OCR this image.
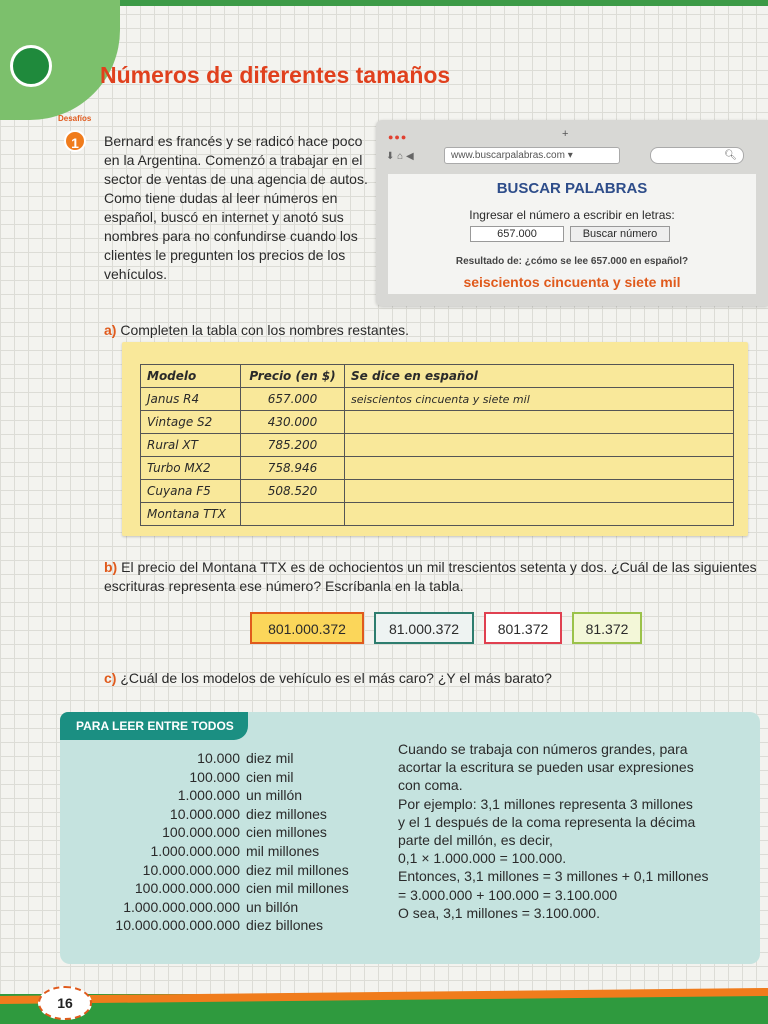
Números de diferentes tamaños
Desafíos
1	Bernard es francés y se radicó hace poco en la Argentina. Comenzó a trabajar en el sector de ventas de una agencia de autos. Como tiene dudas al leer números en español, buscó en internet y anotó sus nombres para no confundirse cuando los clientes le pregunten los precios de los vehículos.

●●●	+
⬇ ⌂ ◀	www.buscarpalabras.com ▾	🔍︎
BUSCAR PALABRAS
Ingresar el número a escribir en letras:
657.000	Buscar número
Resultado de: ¿cómo se lee 657.000 en español?
seiscientos cincuenta y siete mil

a) Completen la tabla con los nombres restantes.

Modelo	Precio (en $)	Se dice en español
Janus R4	657.000	seiscientos cincuenta y siete mil
Vintage S2	430.000	
Rural XT	785.200	
Turbo MX2	758.946	
Cuyana F5	508.520	
Montana TTX		

b) El precio del Montana TTX es de ochocientos un mil trescientos setenta y dos. ¿Cuál de las siguientes escrituras representa ese número? Escríbanla en la tabla.

801.000.372	81.000.372	801.372	81.372

c) ¿Cuál de los modelos de vehículo es el más caro? ¿Y el más barato?

PARA LEER ENTRE TODOS
10.000 diez mil
100.000 cien mil
1.000.000 un millón
10.000.000 diez millones
100.000.000 cien millones
1.000.000.000 mil millones
10.000.000.000 diez mil millones
100.000.000.000 cien mil millones
1.000.000.000.000 un billón
10.000.000.000.000 diez billones
Cuando se trabaja con números grandes, para
acortar la escritura se pueden usar expresiones
con coma.
Por ejemplo: 3,1 millones representa 3 millones
y el 1 después de la coma representa la décima
parte del millón, es decir,
0,1 × 1.000.000 = 100.000.
Entonces, 3,1 millones = 3 millones + 0,1 millones
= 3.000.000 + 100.000 = 3.100.000
O sea, 3,1 millones = 3.100.000.
16
